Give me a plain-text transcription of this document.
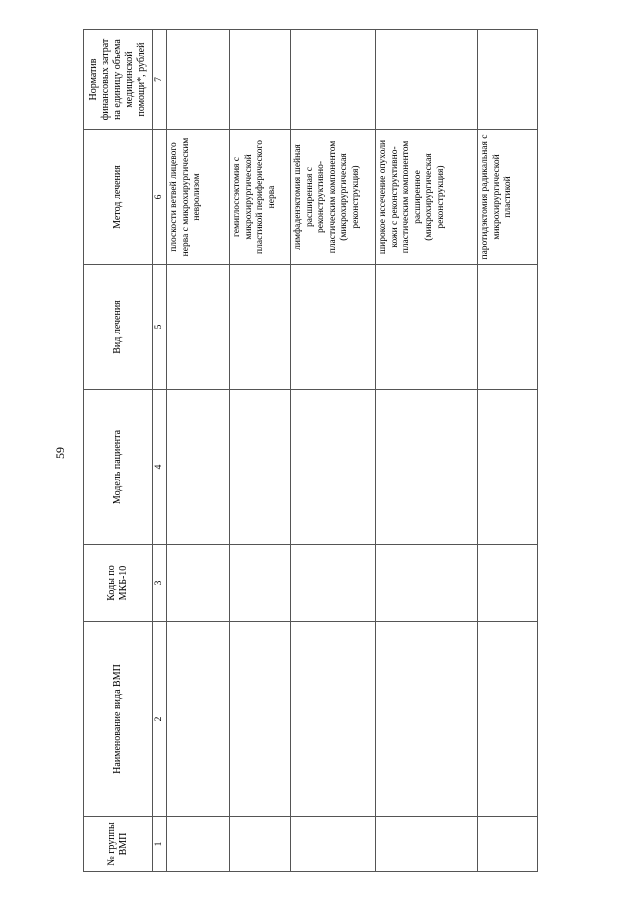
59
№ группы ВМП	Наименование вида ВМП	Коды по МКБ-10	Модель пациента	Вид лечения	Метод лечения	Норматив финансовых затрат на единицу объема медицинской помощи*, рублей
1	2	3	4	5	6	7
					плоскости ветвей лицевого нерва с микрохирургическим невролизом	
					гемиглоссэктомия с микрохирургической пластикой периферического нерва	
					лимфаденэктомия шейная расширенная с реконструктивно-пластическим компонентом (микрохирургическая реконструкция)	
					широкое иссечение опухоли кожи с реконструктивно-пластическим компонентом расширенное (микрохирургическая реконструкция)	
					паротидэктомия радикальная с микрохирургической пластикой	
